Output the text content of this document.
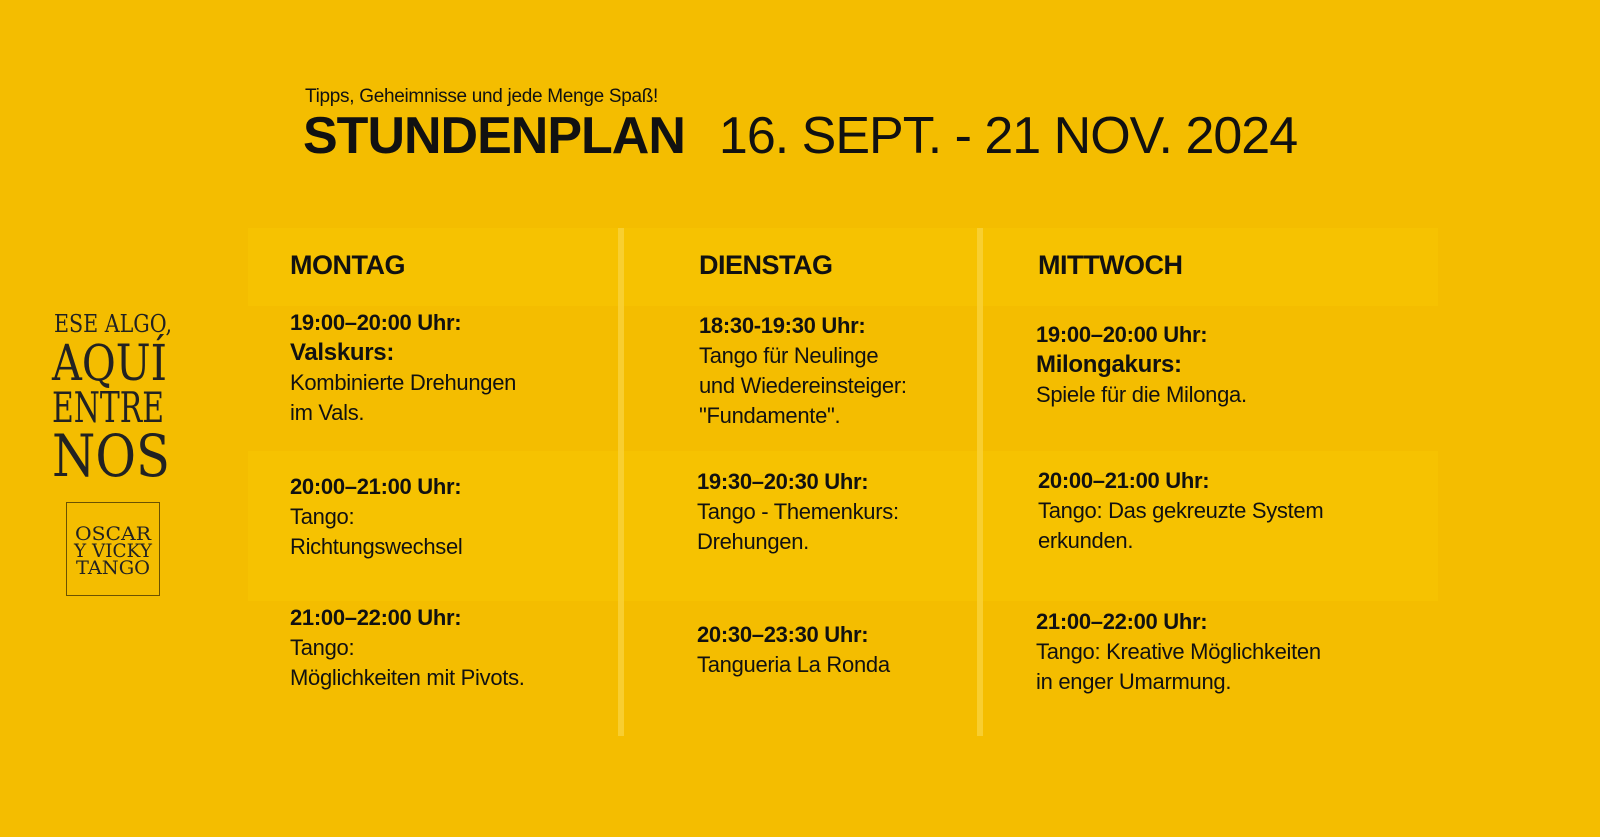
Tipps, Geheimnisse und jede Menge Spaß!
STUNDENPLAN 16. SEPT. - 21 NOV. 2024
ESE ALGO,
AQUÍ
ENTRE
NOS
OSCAR
Y VICKY
TANGO
MONTAG	DIENSTAG	MITTWOCH
19:00–20:00 Uhr:
Valskurs:
Kombinierte Drehungen
im Vals.
20:00–21:00 Uhr:
Tango:
Richtungswechsel
21:00–22:00 Uhr:
Tango:
Möglichkeiten mit Pivots.
18:30-19:30 Uhr:
Tango für Neulinge
und Wiedereinsteiger:
"Fundamente".
19:30–20:30 Uhr:
Tango - Themenkurs:
Drehungen.
20:30–23:30 Uhr:
Tangueria La Ronda
19:00–20:00 Uhr:
Milongakurs:
Spiele für die Milonga.
20:00–21:00 Uhr:
Tango: Das gekreuzte System
erkunden.
21:00–22:00 Uhr:
Tango: Kreative Möglichkeiten
in enger Umarmung.
